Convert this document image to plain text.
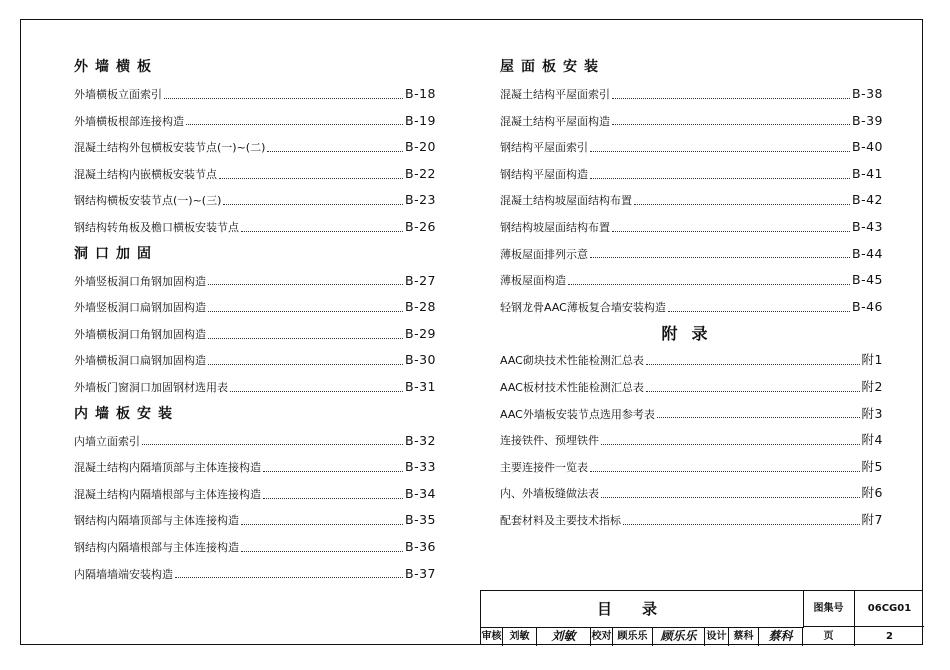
外墙横板
外墙横板立面索引	B-18
外墙横板根部连接构造	B-19
混凝土结构外包横板安装节点(一)~(二)	B-20
混凝土结构内嵌横板安装节点	B-22
钢结构横板安装节点(一)~(三)	B-23
钢结构转角板及檐口横板安装节点	B-26
洞口加固
外墙竖板洞口角钢加固构造	B-27
外墙竖板洞口扁钢加固构造	B-28
外墙横板洞口角钢加固构造	B-29
外墙横板洞口扁钢加固构造	B-30
外墙板门窗洞口加固钢材选用表	B-31
内墙板安装
内墙立面索引	B-32
混凝土结构内隔墙顶部与主体连接构造	B-33
混凝土结构内隔墙根部与主体连接构造	B-34
钢结构内隔墙顶部与主体连接构造	B-35
钢结构内隔墙根部与主体连接构造	B-36
内隔墙墙端安装构造	B-37
屋面板安装
混凝土结构平屋面索引	B-38
混凝土结构平屋面构造	B-39
钢结构平屋面索引	B-40
钢结构平屋面构造	B-41
混凝土结构坡屋面结构布置	B-42
钢结构坡屋面结构布置	B-43
薄板屋面排列示意	B-44
薄板屋面构造	B-45
轻钢龙骨AAC薄板复合墙安装构造	B-46
附录
AAC砌块技术性能检测汇总表	附1
AAC板材技术性能检测汇总表	附2
AAC外墙板安装节点选用参考表	附3
连接铁件、预埋铁件	附4
主要连接件一览表	附5
内、外墙板缝做法表	附6
配套材料及主要技术指标	附7
目录	图集号	06CG01
审核 刘敏	刘敏	校对 顾乐乐	顾乐乐	设计 蔡科	蔡科	页	2
